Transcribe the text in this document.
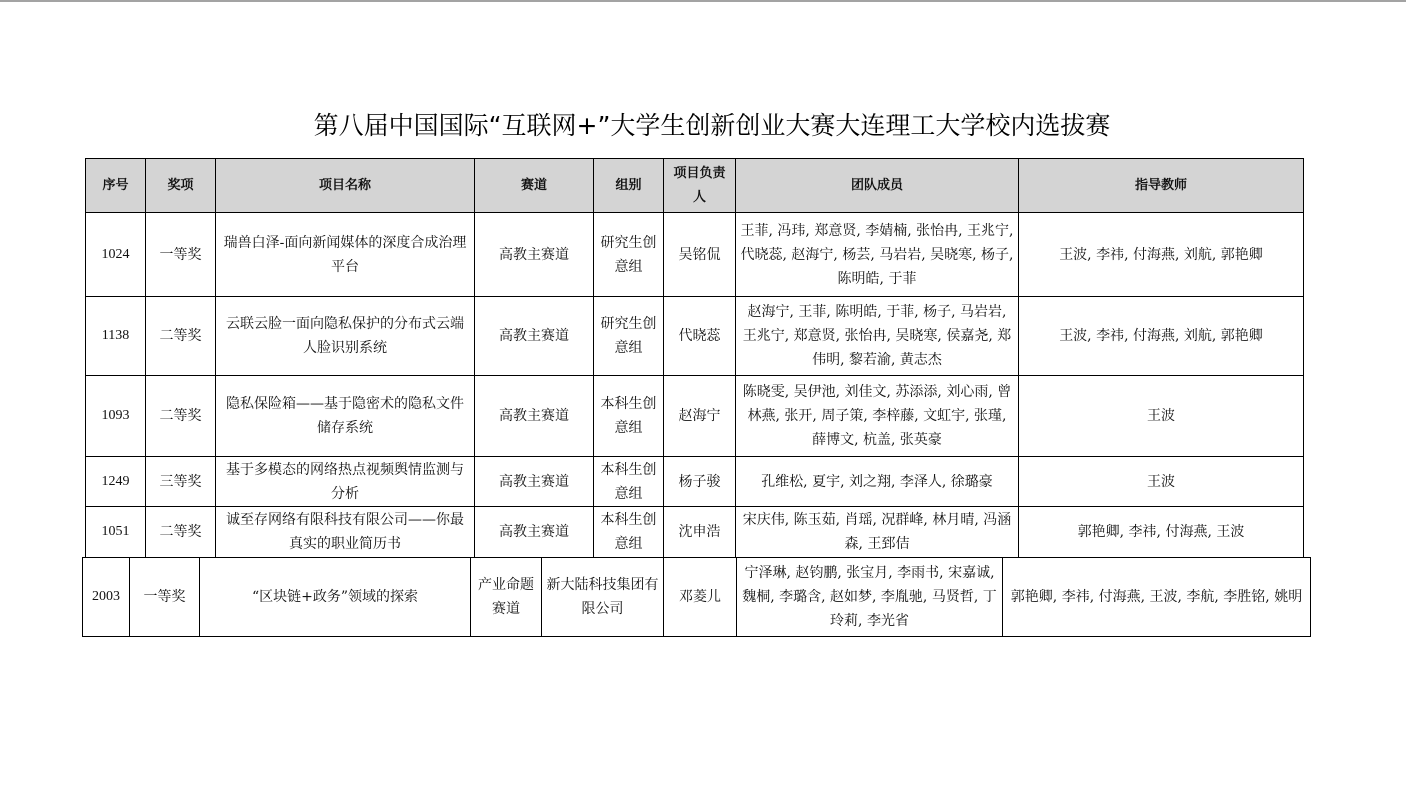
第八届中国国际“互联网+”大学生创新创业大赛大连理工大学校内选拔赛
序号	奖项	项目名称	赛道	组别	项目负责人	团队成员	指导教师
1024	一等奖	瑞兽白泽-面向新闻媒体的深度合成治理平台	高教主赛道	研究生创意组	吴铭侃	王菲, 冯玮, 郑意贤, 李婧楠, 张怡冉, 王兆宁, 代晓蕊, 赵海宁, 杨芸, 马岩岩, 吴晓寒, 杨子, 陈明皓, 于菲	王波, 李祎, 付海燕, 刘航, 郭艳卿
1138	二等奖	云联云脸一面向隐私保护的分布式云端人脸识别系统	高教主赛道	研究生创意组	代晓蕊	赵海宁, 王菲, 陈明皓, 于菲, 杨子, 马岩岩, 王兆宁, 郑意贤, 张怡冉, 吴晓寒, 侯嘉尧, 郑伟明, 黎若渝, 黄志杰	王波, 李祎, 付海燕, 刘航, 郭艳卿
1093	二等奖	隐私保险箱——基于隐密术的隐私文件储存系统	高教主赛道	本科生创意组	赵海宁	陈晓雯, 吴伊池, 刘佳文, 苏添添, 刘心雨, 曾林燕, 张开, 周子策, 李梓藤, 文虹宇, 张瑾, 薛博文, 杭盖, 张英豪	王波
1249	三等奖	基于多模态的网络热点视频舆情监测与分析	高教主赛道	本科生创意组	杨子骏	孔维松, 夏宇, 刘之翔, 李泽人, 徐璐豪	王波
1051	二等奖	诚至存网络有限科技有限公司——你最真实的职业简历书	高教主赛道	本科生创意组	沈申浩	宋庆伟, 陈玉茹, 肖瑶, 况群峰, 林月晴, 冯涵森, 王郅佶	郭艳卿, 李祎, 付海燕, 王波
2003	一等奖	“区块链+政务”领域的探索	产业命题赛道	新大陆科技集团有限公司	邓菱儿	宁泽琳, 赵钧鹏, 张宝月, 李雨书, 宋嘉诚, 魏桐, 李璐含, 赵如梦, 李胤驰, 马贤哲, 丁玲莉, 李光省	郭艳卿, 李祎, 付海燕, 王波, 李航, 李胜铭, 姚明
